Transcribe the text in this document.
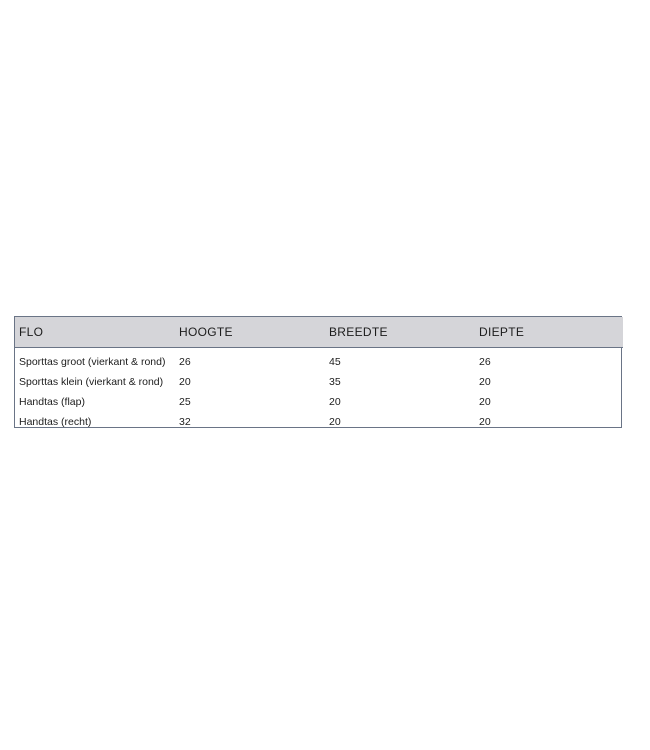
FLO	HOOGTE	BREEDTE	DIEPTE
Sporttas groot (vierkant & rond)	26	45	26
Sporttas klein (vierkant & rond)	20	35	20
Handtas (flap)	25	20	20
Handtas (recht)	32	20	20
